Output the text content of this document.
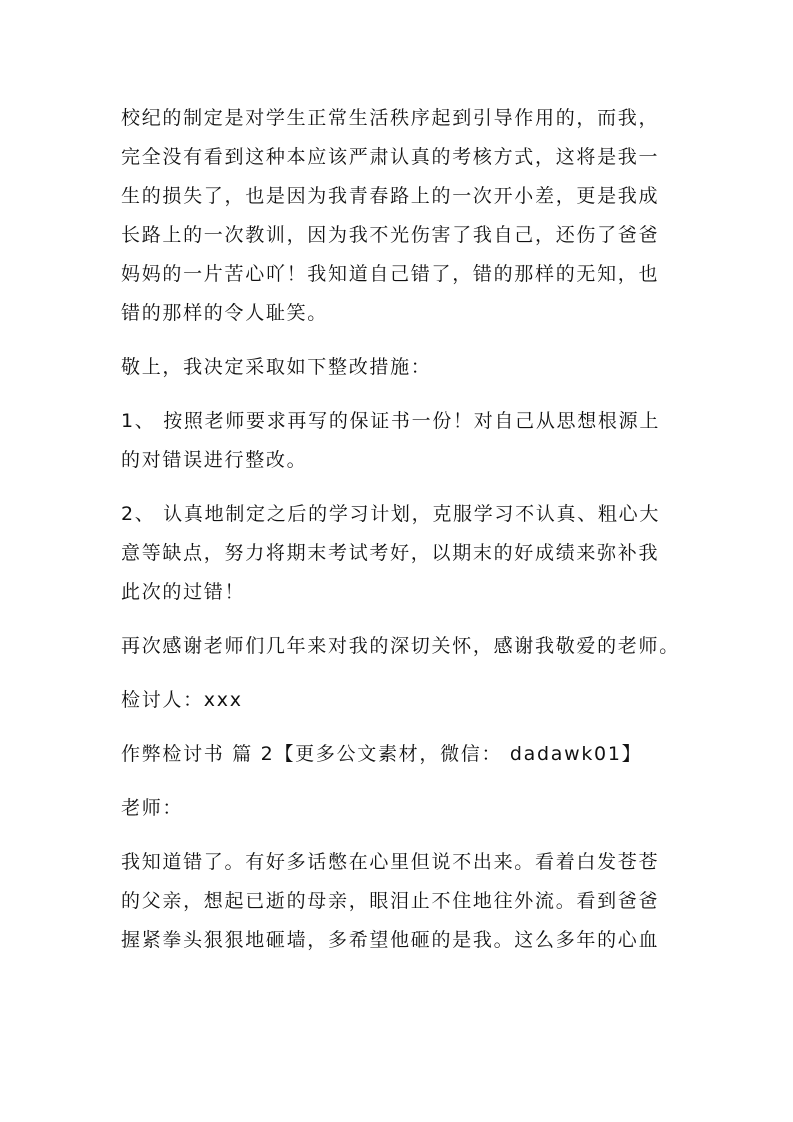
校纪的制定是对学生正常生活秩序起到引导作用的，而我，
完全没有看到这种本应该严肃认真的考核方式，这将是我一
生的损失了，也是因为我青春路上的一次开小差，更是我成
长路上的一次教训，因为我不光伤害了我自己，还伤了爸爸
妈妈的一片苦心吖！我知道自己错了，错的那样的无知，也
错的那样的令人耻笑。
敬上，我决定采取如下整改措施：
1、 按照老师要求再写的保证书一份！对自己从思想根源上
的对错误进行整改。
2、 认真地制定之后的学习计划，克服学习不认真、粗心大
意等缺点，努力将期末考试考好，以期末的好成绩来弥补我
此次的过错！
再次感谢老师们几年来对我的深切关怀，感谢我敬爱的老师。
检讨人：xxx
作弊检讨书 篇 2【更多公文素材，微信： dadawk01】
老师：
我知道错了。有好多话憋在心里但说不出来。看着白发苍苍
的父亲，想起已逝的母亲，眼泪止不住地往外流。看到爸爸
握紧拳头狠狠地砸墙，多希望他砸的是我。这么多年的心血
